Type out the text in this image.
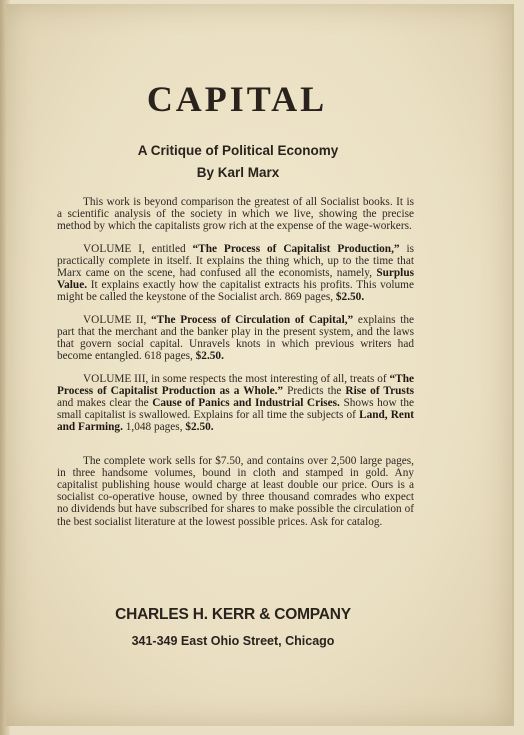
CAPITAL
A Critique of Political Economy
By Karl Marx

This work is beyond comparison the greatest of all Socialist books. It is a scientific analysis of the society in which we live, showing the precise method by which the capitalists grow rich at the expense of the wage-workers.

VOLUME I, entitled “The Process of Capitalist Production,” is practically complete in itself. It explains the thing which, up to the time that Marx came on the scene, had confused all the economists, namely, Surplus Value. It explains exactly how the capitalist extracts his profits. This volume might be called the keystone of the Socialist arch. 869 pages, $2.50.

VOLUME II, “The Process of Circulation of Capital,” explains the part that the merchant and the banker play in the present system, and the laws that govern social capital. Unravels knots in which previous writers had become entangled. 618 pages, $2.50.

VOLUME III, in some respects the most interesting of all, treats of “The Process of Capitalist Production as a Whole.” Predicts the Rise of Trusts and makes clear the Cause of Panics and Industrial Crises. Shows how the small capitalist is swallowed. Explains for all time the subjects of Land, Rent and Farming. 1,048 pages, $2.50.

The complete work sells for $7.50, and contains over 2,500 large pages, in three handsome volumes, bound in cloth and stamped in gold. Any capitalist publishing house would charge at least double our price. Ours is a socialist co-operative house, owned by three thousand comrades who expect no dividends but have subscribed for shares to make possible the circulation of the best socialist literature at the lowest possible prices. Ask for catalog.

CHARLES H. KERR & COMPANY
341-349 East Ohio Street, Chicago
